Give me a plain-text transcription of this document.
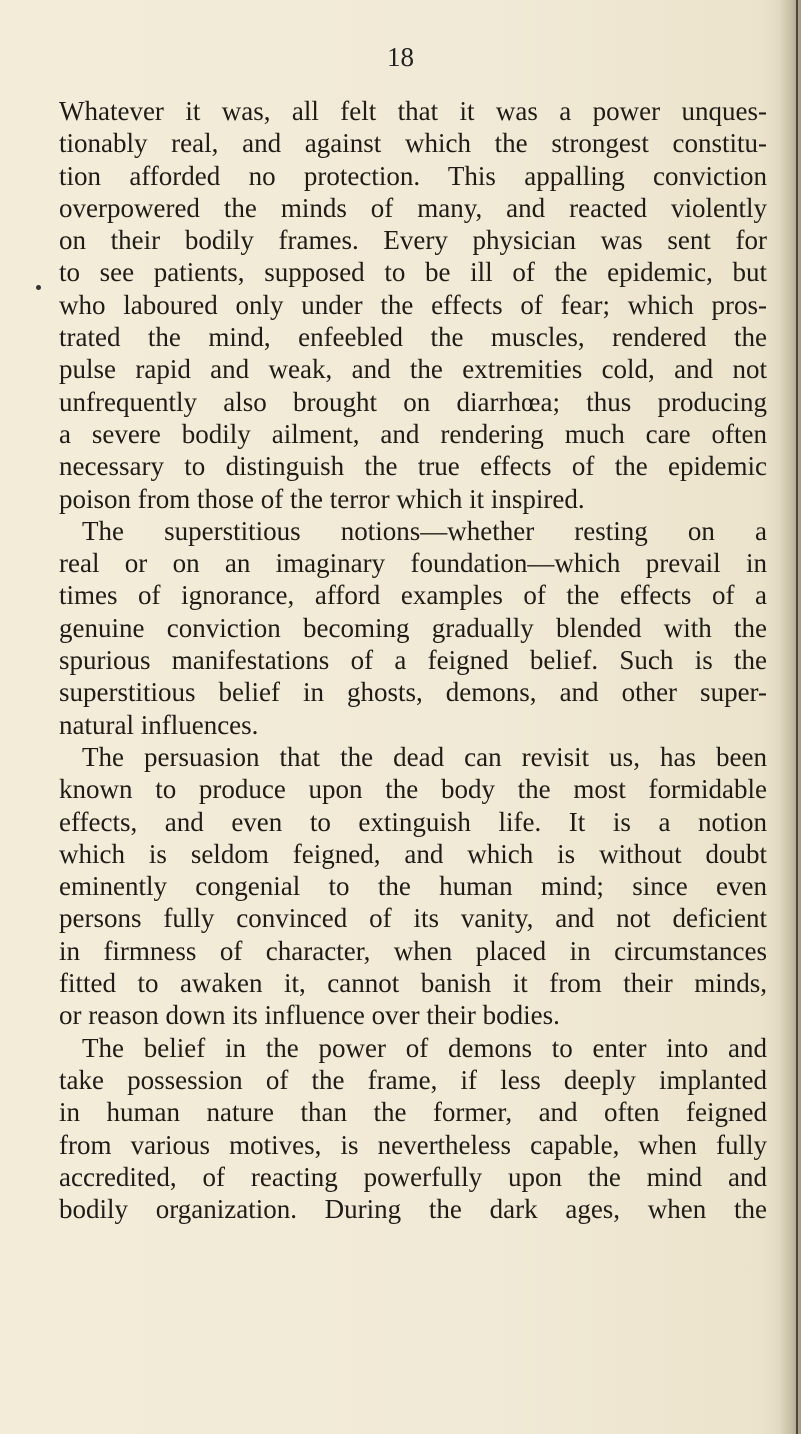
18
Whatever it was, all felt that it was a power unques-
tionably real, and against which the strongest constitu-
tion afforded no protection. This appalling conviction
overpowered the minds of many, and reacted violently
on their bodily frames. Every physician was sent for
to see patients, supposed to be ill of the epidemic, but
who laboured only under the effects of fear; which pros-
trated the mind, enfeebled the muscles, rendered the
pulse rapid and weak, and the extremities cold, and not
unfrequently also brought on diarrhœa; thus producing
a severe bodily ailment, and rendering much care often
necessary to distinguish the true effects of the epidemic
poison from those of the terror which it inspired.
The superstitious notions—whether resting on a
real or on an imaginary foundation—which prevail in
times of ignorance, afford examples of the effects of a
genuine conviction becoming gradually blended with the
spurious manifestations of a feigned belief. Such is the
superstitious belief in ghosts, demons, and other super-
natural influences.
The persuasion that the dead can revisit us, has been
known to produce upon the body the most formidable
effects, and even to extinguish life. It is a notion
which is seldom feigned, and which is without doubt
eminently congenial to the human mind; since even
persons fully convinced of its vanity, and not deficient
in firmness of character, when placed in circumstances
fitted to awaken it, cannot banish it from their minds,
or reason down its influence over their bodies.
The belief in the power of demons to enter into and
take possession of the frame, if less deeply implanted
in human nature than the former, and often feigned
from various motives, is nevertheless capable, when fully
accredited, of reacting powerfully upon the mind and
bodily organization. During the dark ages, when the
